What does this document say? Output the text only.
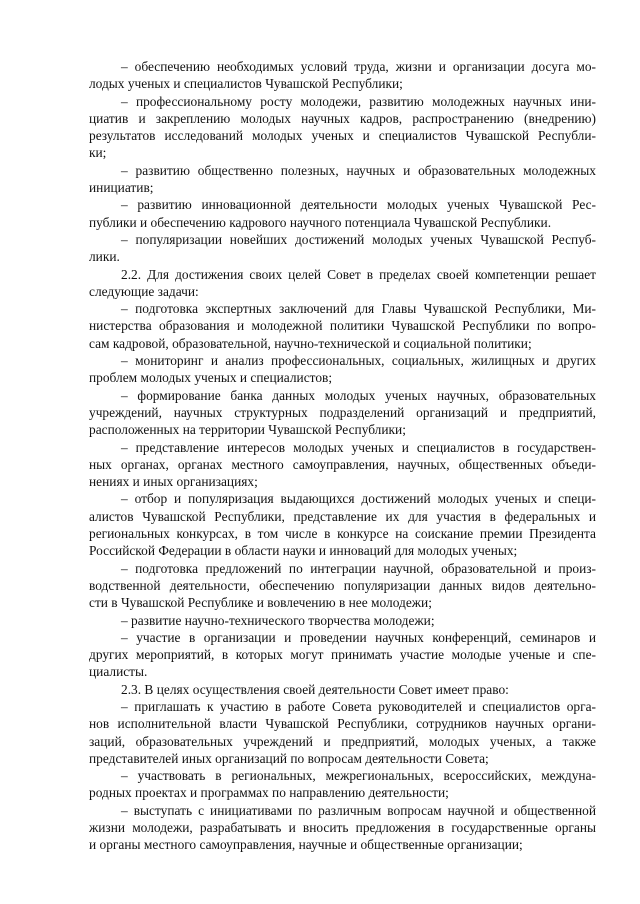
– обеспечению необходимых условий труда, жизни и организации досуга мо-
лодых ученых и специалистов Чувашской Республики;
– профессиональному росту молодежи, развитию молодежных научных ини-
циатив и закреплению молодых научных кадров, распространению (внедрению)
результатов исследований молодых ученых и специалистов Чувашской Республи-
ки;
– развитию общественно полезных, научных и образовательных молодежных
инициатив;
– развитию инновационной деятельности молодых ученых Чувашской Рес-
публики и обеспечению кадрового научного потенциала Чувашской Республики.
– популяризации новейших достижений молодых ученых Чувашской Респуб-
лики.
2.2. Для достижения своих целей Совет в пределах своей компетенции решает
следующие задачи:
– подготовка экспертных заключений для Главы Чувашской Республики, Ми-
нистерства образования и молодежной политики Чувашской Республики по вопро-
сам кадровой, образовательной, научно-технической и социальной политики;
– мониторинг и анализ профессиональных, социальных, жилищных и других
проблем молодых ученых и специалистов;
– формирование банка данных молодых ученых научных, образовательных
учреждений, научных структурных подразделений организаций и предприятий,
расположенных на территории Чувашской Республики;
– представление интересов молодых ученых и специалистов в государствен-
ных органах, органах местного самоуправления, научных, общественных объеди-
нениях и иных организациях;
– отбор и популяризация выдающихся достижений молодых ученых и специ-
алистов Чувашской Республики, представление их для участия в федеральных и
региональных конкурсах, в том числе в конкурсе на соискание премии Президента
Российской Федерации в области науки и инноваций для молодых ученых;
– подготовка предложений по интеграции научной, образовательной и произ-
водственной деятельности, обеспечению популяризации данных видов деятельно-
сти в Чувашской Республике и вовлечению в нее молодежи;
– развитие научно-технического творчества молодежи;
– участие в организации и проведении научных конференций, семинаров и
других мероприятий, в которых могут принимать участие молодые ученые и спе-
циалисты.
2.3. В целях осуществления своей деятельности Совет имеет право:
– приглашать к участию в работе Совета руководителей и специалистов орга-
нов исполнительной власти Чувашской Республики, сотрудников научных органи-
заций, образовательных учреждений и предприятий, молодых ученых, а также
представителей иных организаций по вопросам деятельности Совета;
– участвовать в региональных, межрегиональных, всероссийских, междуна-
родных проектах и программах по направлению деятельности;
– выступать с инициативами по различным вопросам научной и общественной
жизни молодежи, разрабатывать и вносить предложения в государственные органы
и органы местного самоуправления, научные и общественные организации;
